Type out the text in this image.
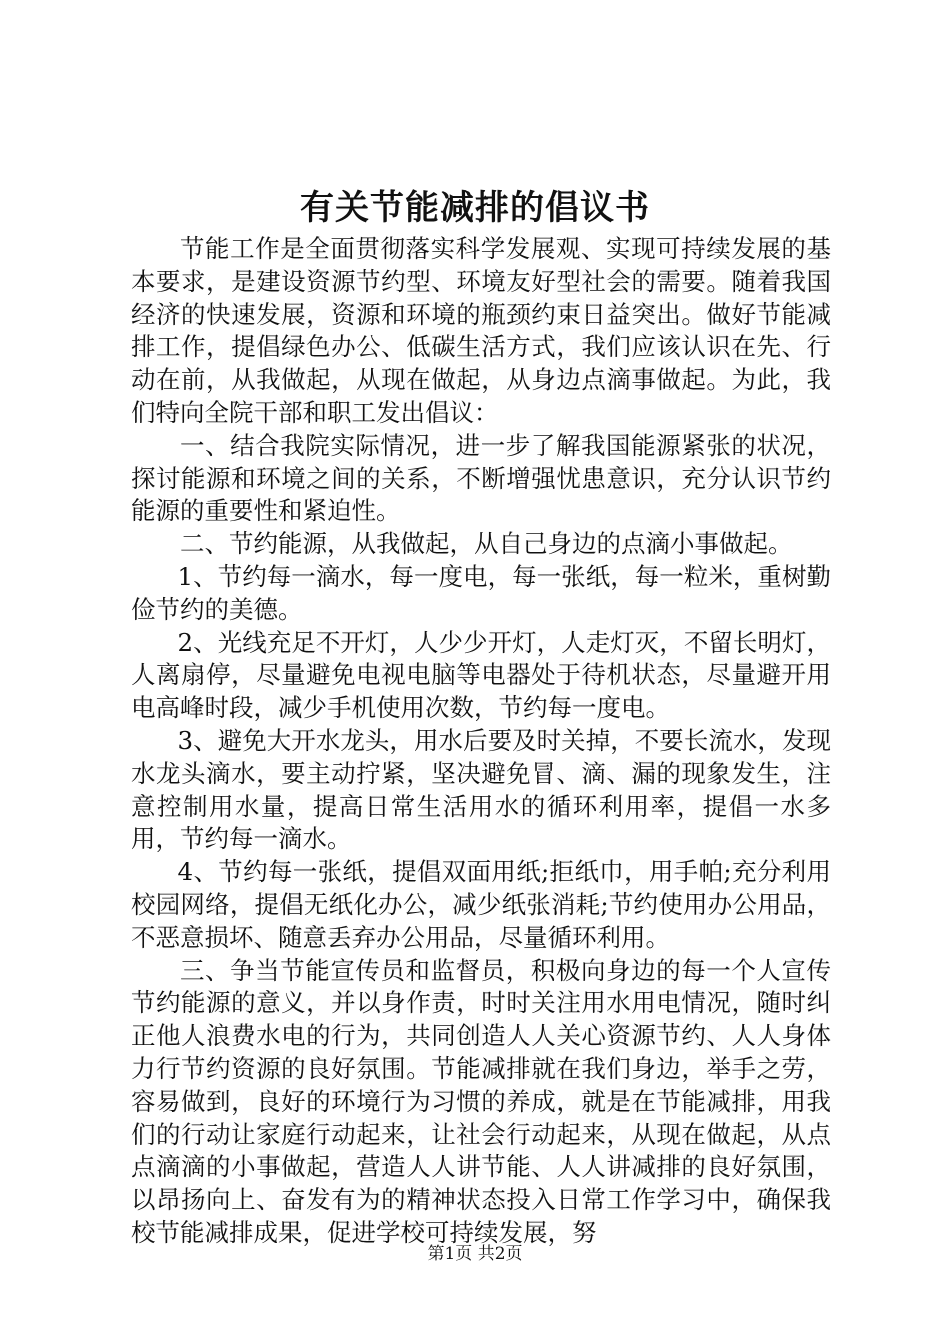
有关节能减排的倡议书

节能工作是全面贯彻落实科学发展观、实现可持续发展的基本要求，是建设资源节约型、环境友好型社会的需要。随着我国经济的快速发展，资源和环境的瓶颈约束日益突出。做好节能减排工作，提倡绿色办公、低碳生活方式，我们应该认识在先、行动在前，从我做起，从现在做起，从身边点滴事做起。为此，我们特向全院干部和职工发出倡议：

一、结合我院实际情况，进一步了解我国能源紧张的状况，探讨能源和环境之间的关系，不断增强忧患意识，充分认识节约能源的重要性和紧迫性。

二、节约能源，从我做起，从自己身边的点滴小事做起。

1、节约每一滴水，每一度电，每一张纸，每一粒米，重树勤俭节约的美德。

2、光线充足不开灯，人少少开灯，人走灯灭，不留长明灯，人离扇停，尽量避免电视电脑等电器处于待机状态，尽量避开用电高峰时段，减少手机使用次数，节约每一度电。

3、避免大开水龙头，用水后要及时关掉，不要长流水，发现水龙头滴水，要主动拧紧，坚决避免冒、滴、漏的现象发生，注意控制用水量，提高日常生活用水的循环利用率，提倡一水多用，节约每一滴水。

4、节约每一张纸，提倡双面用纸;拒纸巾，用手帕;充分利用校园网络，提倡无纸化办公，减少纸张消耗;节约使用办公用品，不恶意损坏、随意丢弃办公用品，尽量循环利用。

三、争当节能宣传员和监督员，积极向身边的每一个人宣传节约能源的意义，并以身作责，时时关注用水用电情况，随时纠正他人浪费水电的行为，共同创造人人关心资源节约、人人身体力行节约资源的良好氛围。节能减排就在我们身边，举手之劳，容易做到，良好的环境行为习惯的养成，就是在节能减排，用我们的行动让家庭行动起来，让社会行动起来，从现在做起，从点点滴滴的小事做起，营造人人讲节能、人人讲减排的良好氛围，以昂扬向上、奋发有为的精神状态投入日常工作学习中，确保我校节能减排成果，促进学校可持续发展，努

第1页 共2页
